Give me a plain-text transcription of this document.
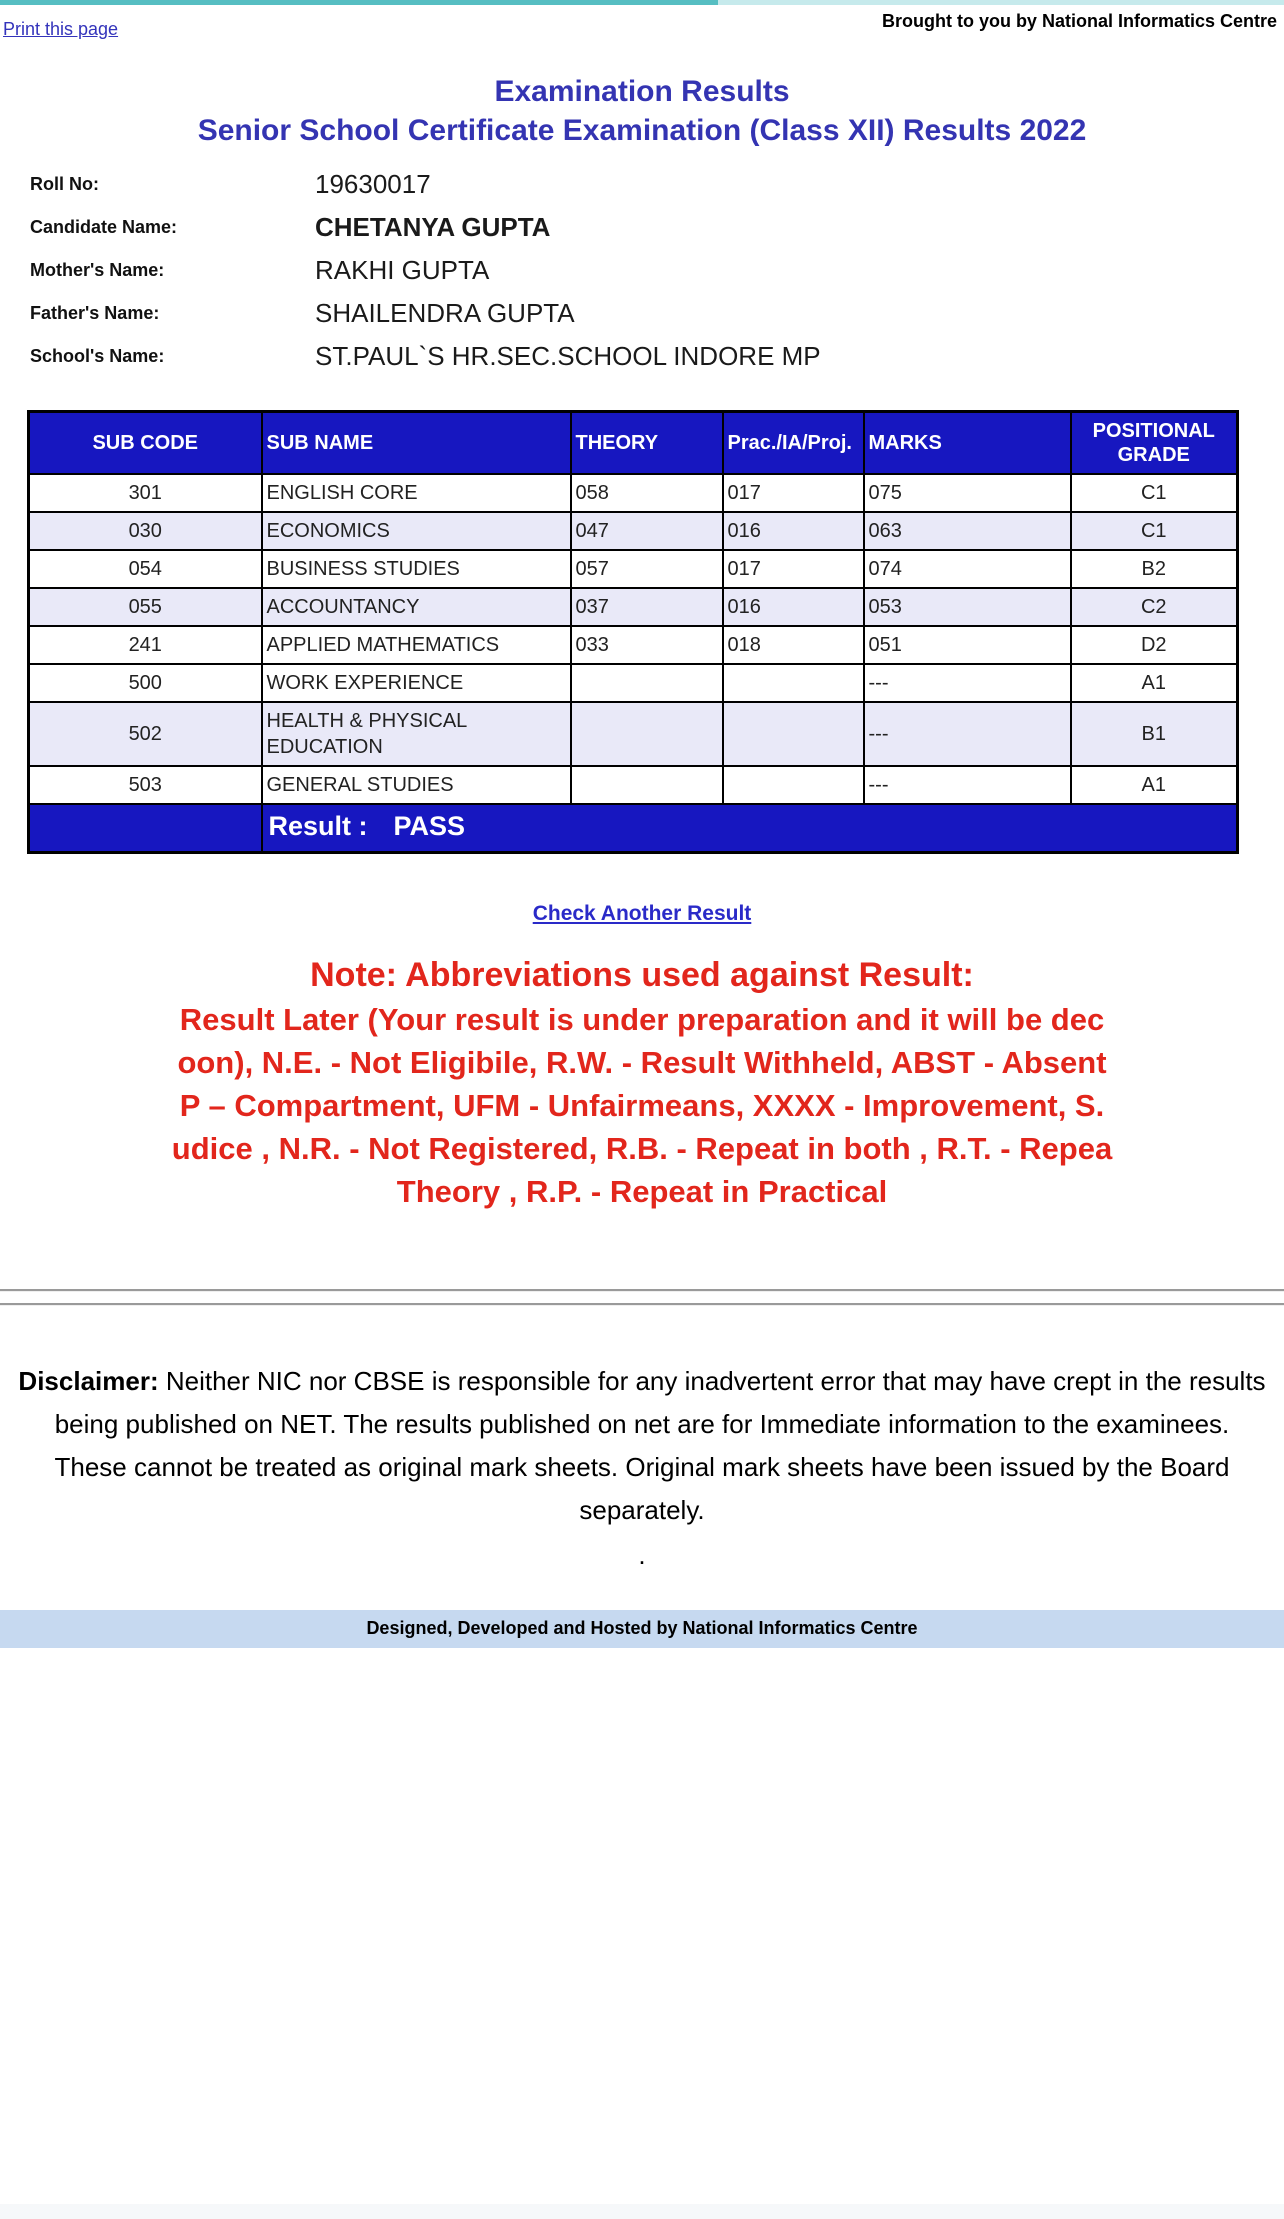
Print this page	Brought to you by National Informatics Centre
Examination Results
Senior School Certificate Examination (Class XII) Results 2022
Roll No:	19630017
Candidate Name:	CHETANYA GUPTA
Mother's Name:	RAKHI GUPTA
Father's Name:	SHAILENDRA GUPTA
School's Name:	ST.PAUL`S HR.SEC.SCHOOL INDORE MP
SUB CODE	SUB NAME	THEORY	Prac./IA/Proj.	MARKS	POSITIONAL GRADE
301	ENGLISH CORE	058	017	075	C1
030	ECONOMICS	047	016	063	C1
054	BUSINESS STUDIES	057	017	074	B2
055	ACCOUNTANCY	037	016	053	C2
241	APPLIED MATHEMATICS	033	018	051	D2
500	WORK EXPERIENCE			---	A1
502	HEALTH & PHYSICAL EDUCATION			---	B1
503	GENERAL STUDIES			---	A1
	Result : PASS				
Check Another Result
Note: Abbreviations used against Result:
Result Later (Your result is under preparation and it will be dec
oon), N.E. - Not Eligibile, R.W. - Result Withheld, ABST - Absent
P – Compartment, UFM - Unfairmeans, XXXX - Improvement, S.
udice , N.R. - Not Registered, R.B. - Repeat in both , R.T. - Repea
Theory , R.P. - Repeat in Practical
Disclaimer: Neither NIC nor CBSE is responsible for any inadvertent error that may have crept in the results being published on NET. The results published on net are for Immediate information to the examinees. These cannot be treated as original mark sheets. Original mark sheets have been issued by the Board separately.
.
Designed, Developed and Hosted by National Informatics Centre
